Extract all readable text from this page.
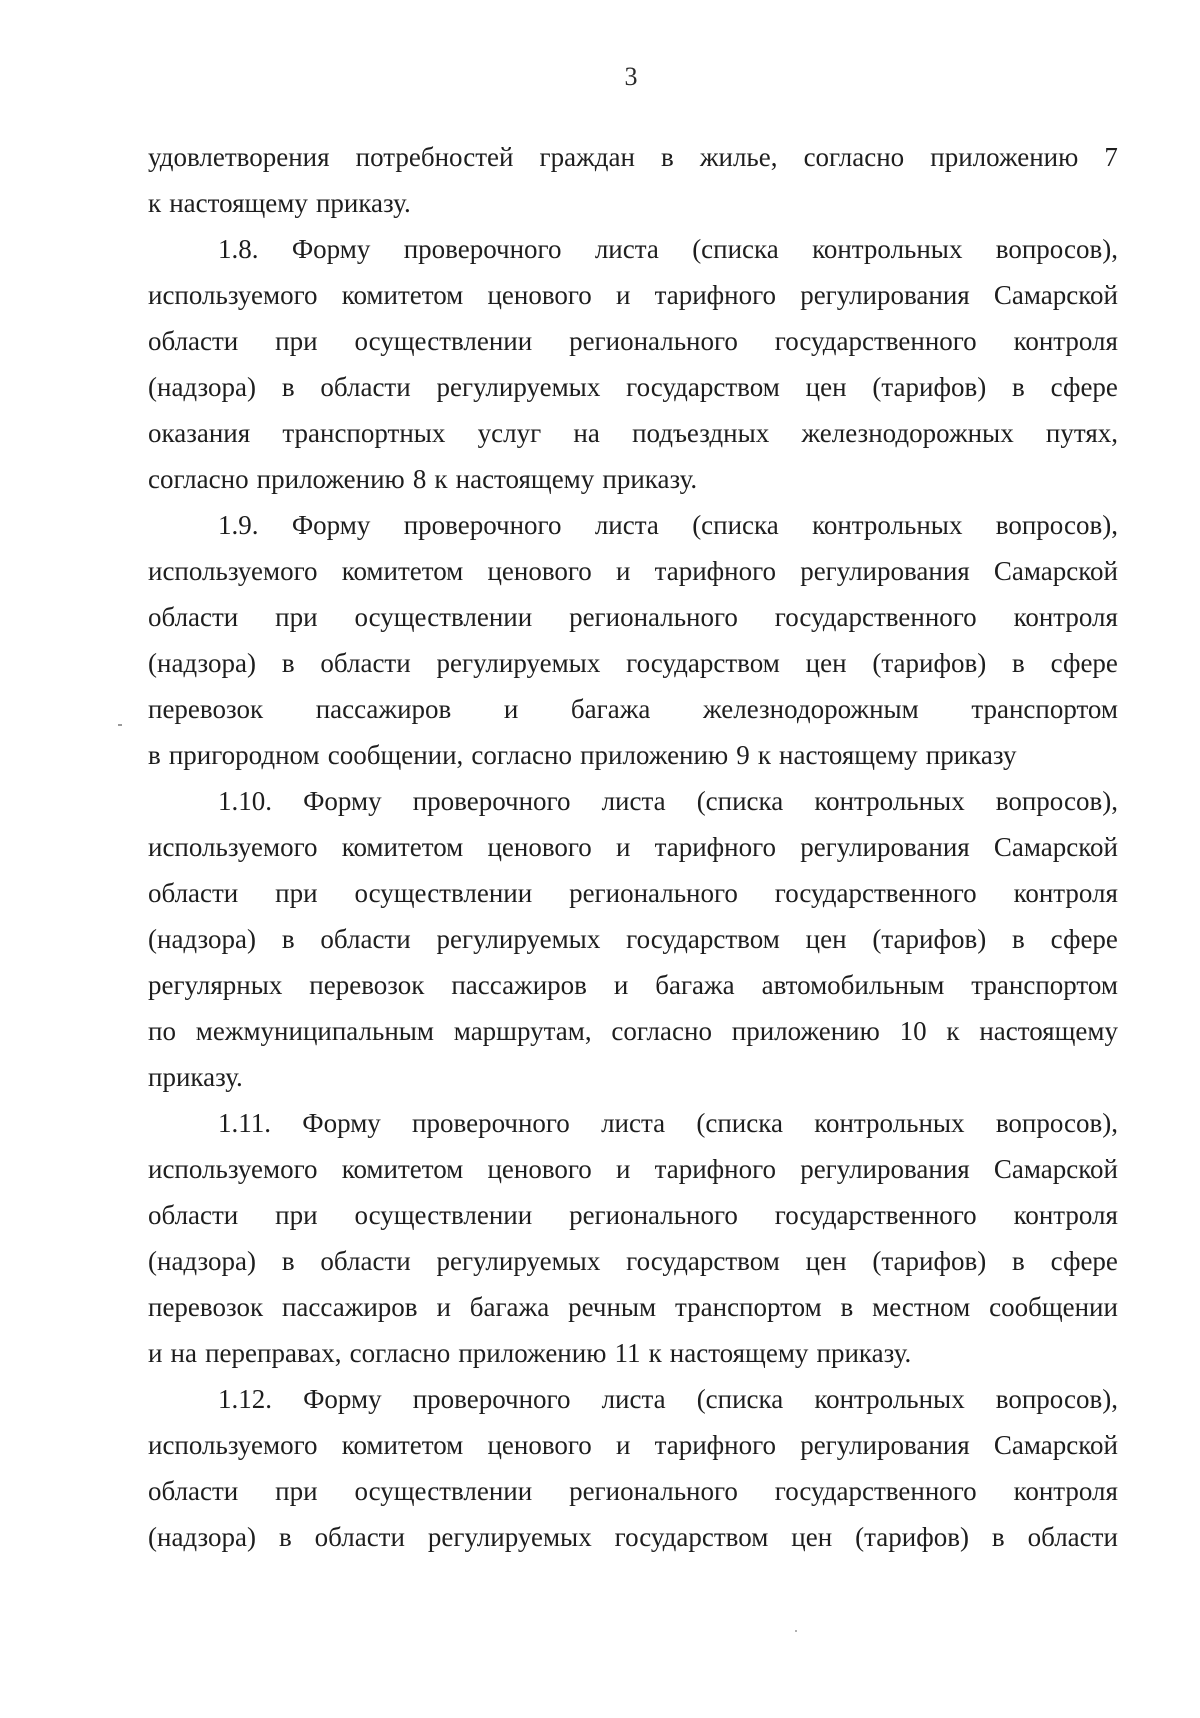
3
удовлетворения потребностей граждан в жилье, согласно приложению 7
к настоящему приказу.
1.8. Форму проверочного листа (списка контрольных вопросов),
используемого комитетом ценового и тарифного регулирования Самарской
области при осуществлении регионального государственного контроля
(надзора) в области регулируемых государством цен (тарифов) в сфере
оказания транспортных услуг на подъездных железнодорожных путях,
согласно приложению 8 к настоящему приказу.
1.9. Форму проверочного листа (списка контрольных вопросов),
используемого комитетом ценового и тарифного регулирования Самарской
области при осуществлении регионального государственного контроля
(надзора) в области регулируемых государством цен (тарифов) в сфере
перевозок пассажиров и багажа железнодорожным транспортом
в пригородном сообщении, согласно приложению 9 к настоящему приказу
1.10. Форму проверочного листа (списка контрольных вопросов),
используемого комитетом ценового и тарифного регулирования Самарской
области при осуществлении регионального государственного контроля
(надзора) в области регулируемых государством цен (тарифов) в сфере
регулярных перевозок пассажиров и багажа автомобильным транспортом
по межмуниципальным маршрутам, согласно приложению 10 к настоящему
приказу.
1.11. Форму проверочного листа (списка контрольных вопросов),
используемого комитетом ценового и тарифного регулирования Самарской
области при осуществлении регионального государственного контроля
(надзора) в области регулируемых государством цен (тарифов) в сфере
перевозок пассажиров и багажа речным транспортом в местном сообщении
и на переправах, согласно приложению 11 к настоящему приказу.
1.12. Форму проверочного листа (списка контрольных вопросов),
используемого комитетом ценового и тарифного регулирования Самарской
области при осуществлении регионального государственного контроля
(надзора) в области регулируемых государством цен (тарифов) в области
